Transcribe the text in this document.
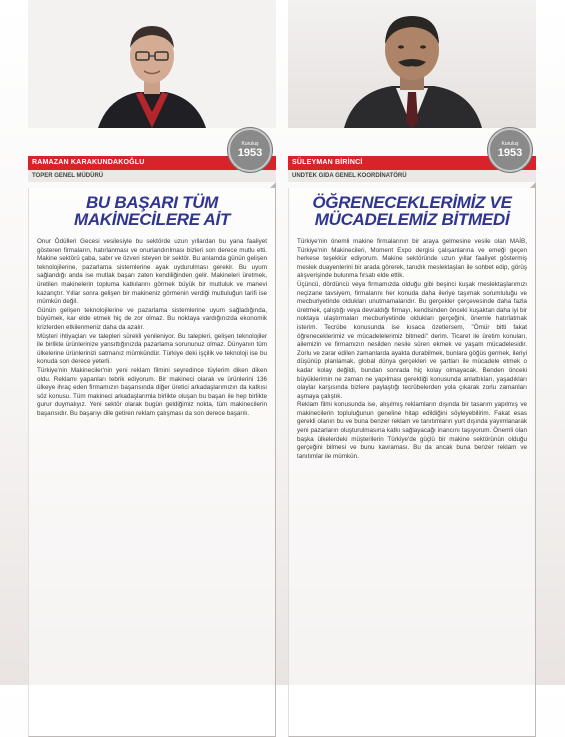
Kuruluş
1953
RAMAZAN KARAKUNDAKOĞLU
TOPER GENEL MÜDÜRÜ
BU BAŞARI TÜM
MAKİNECİLERE AİT

Onur Ödülleri Gecesi vesilesiyle bu sektörde uzun yıllardan bu yana faaliyet gösteren firmaların, hatırlanması ve onurlandırılması bizleri son derece mutlu etti. Makine sektörü çaba, sabır ve özveri isteyen bir sektör. Bu anlamda günün gelişen teknolojilerine, pazarlama sistemlerine ayak uydurulması gerekir. Bu uyum sağlandığı anda ise mutlak başarı zaten kendiliğinden gelir. Makineleri üretmek, üretilen makinelerin topluma katkılarını görmek büyük bir mutluluk ve manevi kazançtır. Yıllar sonra gelişen bir makineniz görmenin verdiği mutluluğun tarifi ise mümkün değil.

Günün gelişen teknolojilerine ve pazarlama sistemlerine uyum sağladığında, büyümek, kar elde etmek hiç de zor olmaz. Bu noktaya vardığınızda ekonomik krizlerden etkilenmeniz daha da azalır.

Müşteri ihtiyaçları ve talepleri sürekli yenileniyor. Bu talepleri, gelişen teknolojiler ile birlikte ürünlerinize yansıttığınızda pazarlama sorununuz olmaz. Dünyanın tüm ülkelerine ürünlerinizi satmanız mümkündür. Türkiye deki işçilik ve teknoloji ise bu konuda son derece yeterli.

Türkiye'nin Makineciler'nin yeni reklam filmini seyredince tüylerim diken diken oldu. Reklamı yapanları tebrik ediyorum. Bir makineci olarak ve ürünlerini 136 ülkeye ihraç eden firmamızın başarısında diğer üretici arkadaşlarımızın da katkısı söz konusu. Tüm makineci arkadaşlarımla birlikte oluşan bu başarı ile hep birlikte gurur duymalıyız. Yeni sektör olarak bugün geldiğimiz nokta, tüm makinecilerin başarısıdır. Bu başarıyı dile getiren reklam çalışması da son derece başarılı.

Kuruluş
1953
SÜLEYMAN BİRİNCİ
UNDTEK GIDA GENEL KOORDİNATÖRÜ
ÖĞRENECEKLERİMİZ VE
MÜCADELEMİZ BİTMEDİ

Türkiye'nin önemli makine firmalarının bir araya gelmesine vesile olan MAİB, Türkiye'nin Makinecileri, Moment Expo dergisi çalışanlarına ve emeği geçen herkese teşekkür ediyorum. Makine sektöründe uzun yıllar faaliyet göstermiş meslek duayenlerini bir arada görerek, tanıdık meslektaşları ile sohbet edip, görüş alışverişinde bulunma fırsatı elde ettik.

Üçüncü, dördüncü veya firmamızda olduğu gibi beşinci kuşak meslektaşlarımızı neçizane tavsiyem, firmalarını her konuda daha ileriye taşımak sorumluluğu ve mecburiyetinde oldukları unutmamalarıdır. Bu gerçekler çerçevesinde daha fazla üretmek, çalıştığı veya devraldığı firmayı, kendisinden önceki kuşaktan daha iyi bir noktaya ulaştırmaları mecburiyetinde oldukları gerçeğini, önemle hatırlatmak isterim. Tecrübe konusunda ise kısaca özetlersem, "Ömür bitti fakat öğreneceklerimiz ve mücadelelerimiz bitmedi" derim. Ticaret ile üretim konuları, ailemizin ve firmamızın nesilden nesile süren ekmek ve yaşam mücadelesidir. Zorlu ve zarar edilen zamanlarda ayakta durabilmek, bunlara göğüs germek, ileriyi düşünüp planlamak, global dünya gerçekleri ve şartları ile mücadele etmek o kadar kolay değildi, bundan sonrada hiç kolay olmayacak. Benden önceki büyüklerimin ne zaman ne yapılması gerektiği konusunda anlattıkları, yaşadıkları olaylar karşısında bizlere paylaştığı tecrübelerden yola çıkarak zorlu zamanları aşmaya çalıştık.

Reklam filmi konusunda ise, alışılmış reklamların dışında bir tasarım yapılmış ve makinecilerin topluluğunun geneline hitap edildiğini söyleyebilirim. Fakat esas gerekli olanın bu ve buna benzer reklam ve tanıtımların yurt dışında yayımlanarak yeni pazarların oluşturulmasına katkı sağlayacağı inancını taşıyorum. Önemli olan başka ülkelerdeki müşterilerin Türkiye'de güçlü bir makine sektörünün olduğu gerçeğini bilmesi ve bunu kavraması. Bu da ancak buna benzer reklam ve tanıtımlar ile mümkün.
